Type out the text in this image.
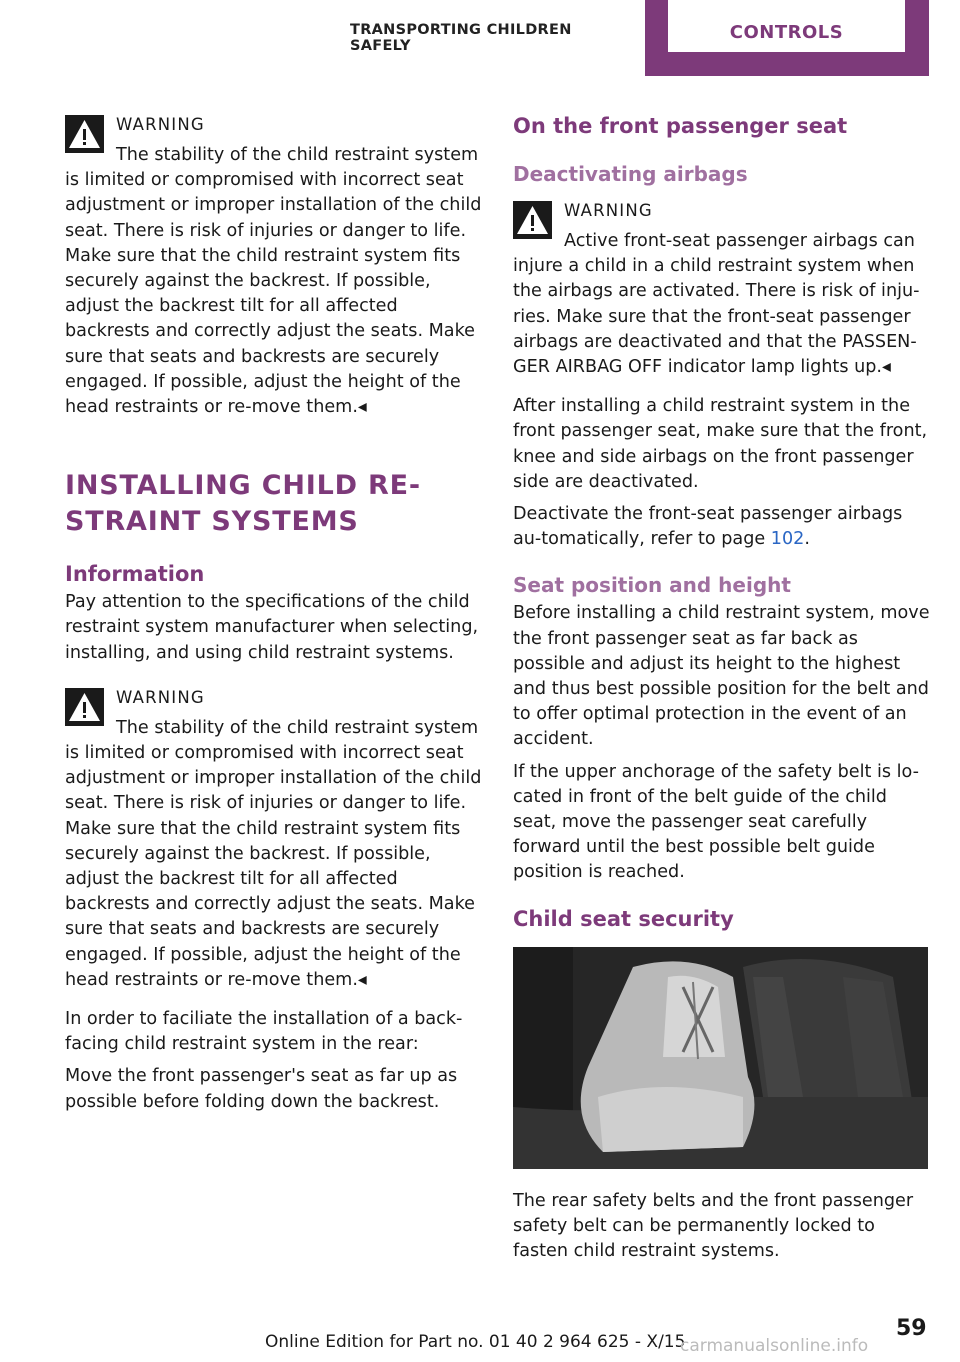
TRANSPORTING CHILDREN SAFELY
CONTROLS
WARNING

The stability of the child restraint system is limited or compromised with incorrect seat adjustment or improper installation of the child seat. There is risk of injuries or danger to life. Make sure that the child restraint system fits securely against the backrest. If possible, adjust the backrest tilt for all affected backrests and correctly adjust the seats. Make sure that seats and backrests are securely engaged. If possible, adjust the height of the head restraints or re-move them.◂

INSTALLING CHILD RE-STRAINT SYSTEMS
Information

Pay attention to the specifications of the child restraint system manufacturer when selecting, installing, and using child restraint systems.

WARNING

The stability of the child restraint system is limited or compromised with incorrect seat adjustment or improper installation of the child seat. There is risk of injuries or danger to life. Make sure that the child restraint system fits securely against the backrest. If possible, adjust the backrest tilt for all affected backrests and correctly adjust the seats. Make sure that seats and backrests are securely engaged. If possible, adjust the height of the head restraints or re-move them.◂

In order to faciliate the installation of a back-facing child restraint system in the rear:

Move the front passenger's seat as far up as possible before folding down the backrest.

On the front passenger seat
Deactivating airbags
WARNING

Active front-seat passenger airbags can injure a child in a child restraint system when the airbags are activated. There is risk of inju-ries. Make sure that the front-seat passenger airbags are deactivated and that the PASSEN-GER AIRBAG OFF indicator lamp lights up.◂

After installing a child restraint system in the front passenger seat, make sure that the front, knee and side airbags on the front passenger side are deactivated.

Deactivate the front-seat passenger airbags au-tomatically, refer to page 102.

Seat position and height

Before installing a child restraint system, move the front passenger seat as far back as possible and adjust its height to the highest and thus best possible position for the belt and to offer optimal protection in the event of an accident.

If the upper anchorage of the safety belt is lo-cated in front of the belt guide of the child seat, move the passenger seat carefully forward until the best possible belt guide position is reached.

Child seat security

The rear safety belts and the front passenger safety belt can be permanently locked to fasten child restraint systems.

Online Edition for Part no. 01 40 2 964 625 - X/15
59
carmanualsonline.info
